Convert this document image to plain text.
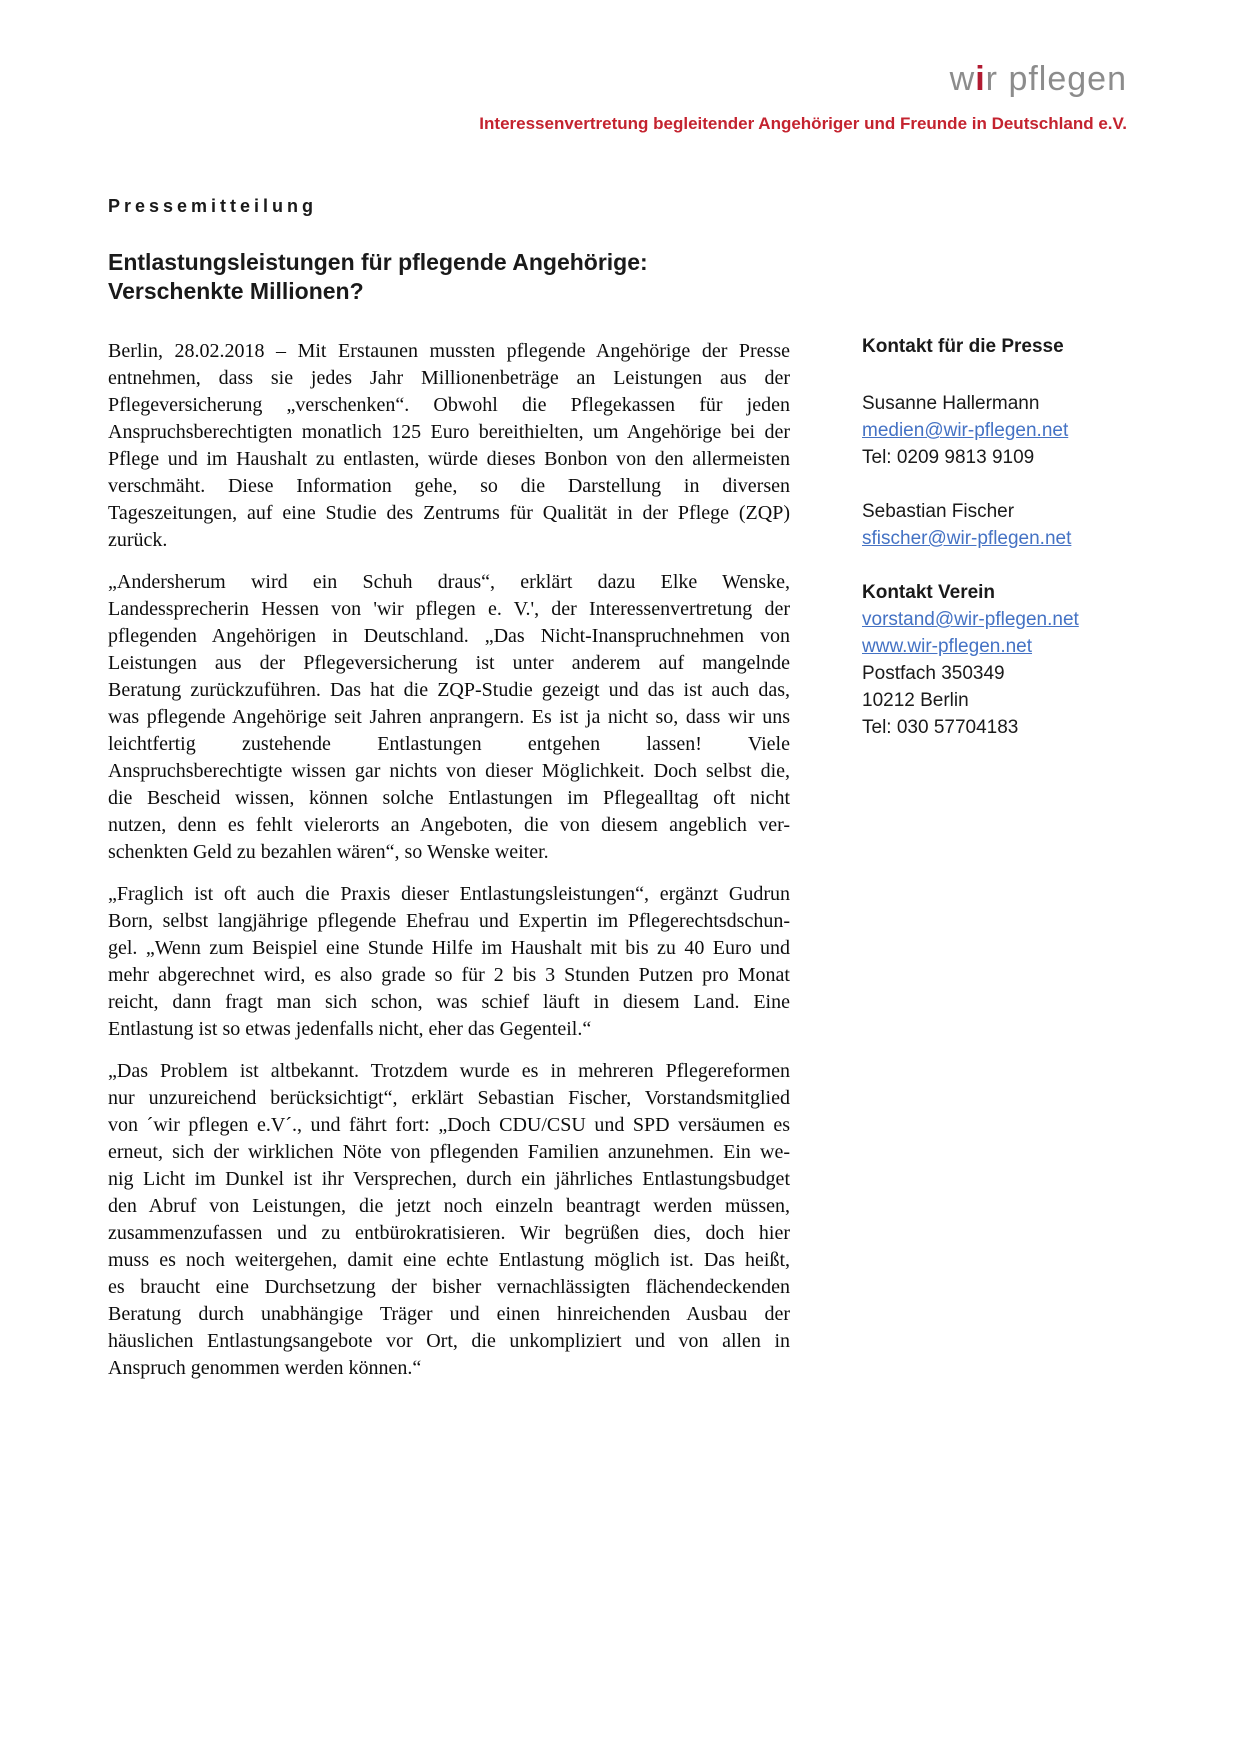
wir pflegen
Interessenvertretung begleitender Angehöriger und Freunde in Deutschland e.V.
Pressemitteilung
Entlastungsleistungen für pflegende Angehörige:
Verschenkte Millionen?
Berlin, 28.02.2018 – Mit Erstaunen mussten pflegende Angehörige der Presse
entnehmen, dass sie jedes Jahr Millionenbeträge an Leistungen aus der
Pflegeversicherung „verschenken“. Obwohl die Pflegekassen für jeden
Anspruchsberechtigten monatlich 125 Euro bereithielten, um Angehörige bei der
Pflege und im Haushalt zu entlasten, würde dieses Bonbon von den allermeisten
verschmäht. Diese Information gehe, so die Darstellung in diversen
Tageszeitungen, auf eine Studie des Zentrums für Qualität in der Pflege (ZQP)
zurück.
„Andersherum wird ein Schuh draus“, erklärt dazu Elke Wenske,
Landessprecherin Hessen von 'wir pflegen e. V.', der Interessenvertretung der
pflegenden Angehörigen in Deutschland. „Das Nicht-Inanspruchnehmen von
Leistungen aus der Pflegeversicherung ist unter anderem auf mangelnde
Beratung zurückzuführen. Das hat die ZQP-Studie gezeigt und das ist auch das,
was pflegende Angehörige seit Jahren anprangern. Es ist ja nicht so, dass wir uns
leichtfertig zustehende Entlastungen entgehen lassen! Viele
Anspruchsberechtigte wissen gar nichts von dieser Möglichkeit. Doch selbst die,
die Bescheid wissen, können solche Entlastungen im Pflegealltag oft nicht
nutzen, denn es fehlt vielerorts an Angeboten, die von diesem angeblich ver-
schenkten Geld zu bezahlen wären“, so Wenske weiter.
„Fraglich ist oft auch die Praxis dieser Entlastungsleistungen“, ergänzt Gudrun
Born, selbst langjährige pflegende Ehefrau und Expertin im Pflegerechtsdschun-
gel. „Wenn zum Beispiel eine Stunde Hilfe im Haushalt mit bis zu 40 Euro und
mehr abgerechnet wird, es also grade so für 2 bis 3 Stunden Putzen pro Monat
reicht, dann fragt man sich schon, was schief läuft in diesem Land. Eine
Entlastung ist so etwas jedenfalls nicht, eher das Gegenteil.“
„Das Problem ist altbekannt. Trotzdem wurde es in mehreren Pflegereformen
nur unzureichend berücksichtigt“, erklärt Sebastian Fischer, Vorstandsmitglied
von ´wir pflegen e.V´., und fährt fort: „Doch CDU/CSU und SPD versäumen es
erneut, sich der wirklichen Nöte von pflegenden Familien anzunehmen. Ein we-
nig Licht im Dunkel ist ihr Versprechen, durch ein jährliches Entlastungsbudget
den Abruf von Leistungen, die jetzt noch einzeln beantragt werden müssen,
zusammenzufassen und zu entbürokratisieren. Wir begrüßen dies, doch hier
muss es noch weitergehen, damit eine echte Entlastung möglich ist. Das heißt,
es braucht eine Durchsetzung der bisher vernachlässigten flächendeckenden
Beratung durch unabhängige Träger und einen hinreichenden Ausbau der
häuslichen Entlastungsangebote vor Ort, die unkompliziert und von allen in
Anspruch genommen werden können.“
Kontakt für die Presse
Susanne Hallermann
medien@wir-pflegen.net
Tel: 0209 9813 9109
Sebastian Fischer
sfischer@wir-pflegen.net
Kontakt Verein
vorstand@wir-pflegen.net
www.wir-pflegen.net
Postfach 350349
10212 Berlin
Tel: 030 57704183
